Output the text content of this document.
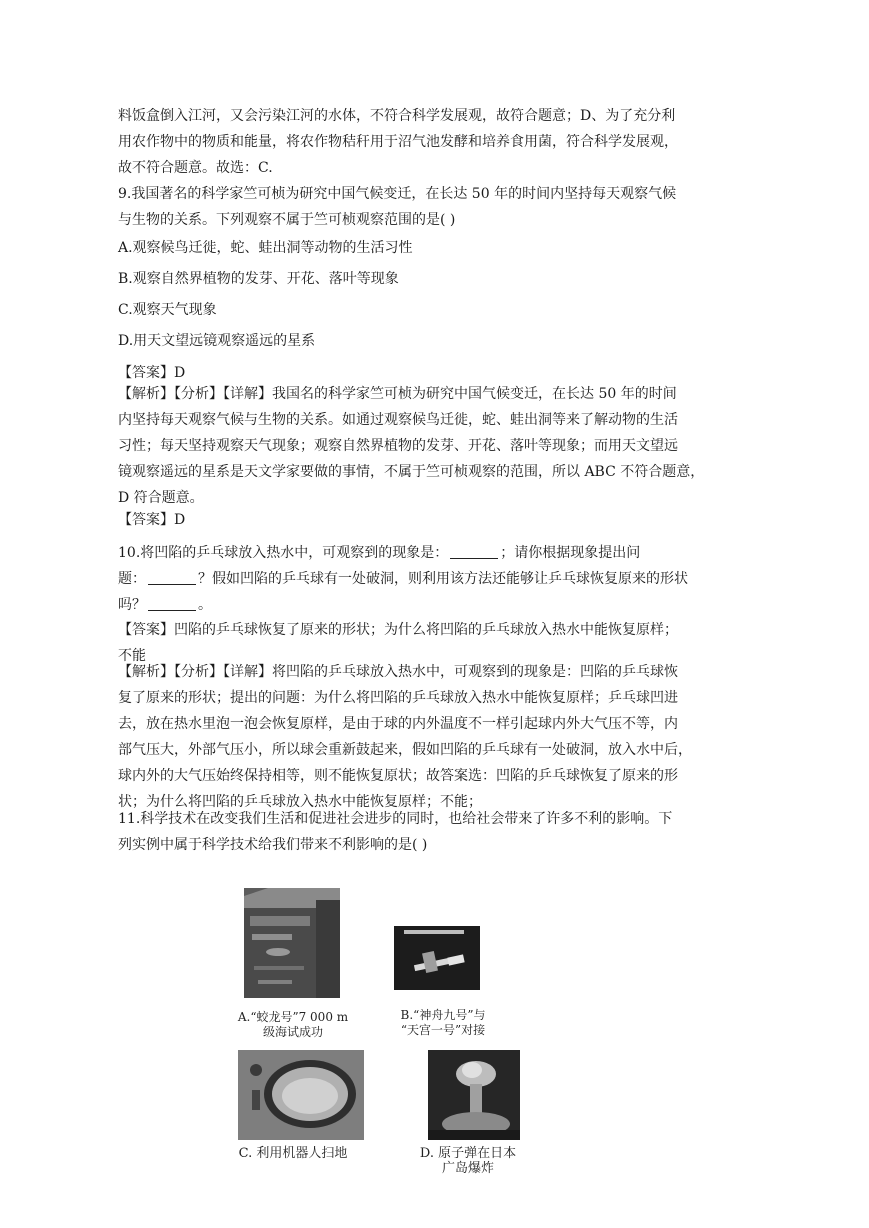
料饭盒倒入江河，又会污染江河的水体，不符合科学发展观，故符合题意；D、为了充分利
用农作物中的物质和能量，将农作物秸秆用于沼气池发酵和培养食用菌，符合科学发展观，
故不符合题意。故选：C.
9.我国著名的科学家竺可桢为研究中国气候变迁，在长达 50 年的时间内坚持每天观察气候
与生物的关系。下列观察不属于竺可桢观察范围的是( )
A.观察候鸟迁徙，蛇、蛙出洞等动物的生活习性
B.观察自然界植物的发芽、开花、落叶等现象
C.观察天气现象
D.用天文望远镜观察遥远的星系
【答案】D
【解析】【分析】【详解】我国名的科学家竺可桢为研究中国气候变迁，在长达 50 年的时间
内坚持每天观察气候与生物的关系。如通过观察候鸟迁徙，蛇、蛙出洞等来了解动物的生活
习性；每天坚持观察天气现象；观察自然界植物的发芽、开花、落叶等现象；而用天文望远
镜观察遥远的星系是天文学家要做的事情，不属于竺可桢观察的范围，所以 ABC 不符合题意，
D 符合题意。
【答案】D
10.将凹陷的乒乓球放入热水中，可观察到的现象是：	；请你根据现象提出问
题：	？假如凹陷的乒乓球有一处破洞，则利用该方法还能够让乒乓球恢复原来的形状
吗？	。
【答案】凹陷的乒乓球恢复了原来的形状；为什么将凹陷的乒乓球放入热水中能恢复原样；
不能
【解析】【分析】【详解】将凹陷的乒乓球放入热水中，可观察到的现象是：凹陷的乒乓球恢
复了原来的形状；提出的问题：为什么将凹陷的乒乓球放入热水中能恢复原样；乒乓球凹进
去，放在热水里泡一泡会恢复原样，是由于球的内外温度不一样引起球内外大气压不等，内
部气压大，外部气压小，所以球会重新鼓起来，假如凹陷的乒乓球有一处破洞，放入水中后，
球内外的大气压始终保持相等，则不能恢复原状；故答案选：凹陷的乒乓球恢复了原来的形
状；为什么将凹陷的乒乓球放入热水中能恢复原样；不能；
11.科学技术在改变我们生活和促进社会进步的同时，也给社会带来了许多不利的影响。下
列实例中属于科学技术给我们带来不利影响的是( )
A.“蛟龙号”7 000 m
级海试成功
B.“神舟九号”与
“天宫一号”对接
C. 利用机器人扫地	D. 原子弹在日本
广岛爆炸
